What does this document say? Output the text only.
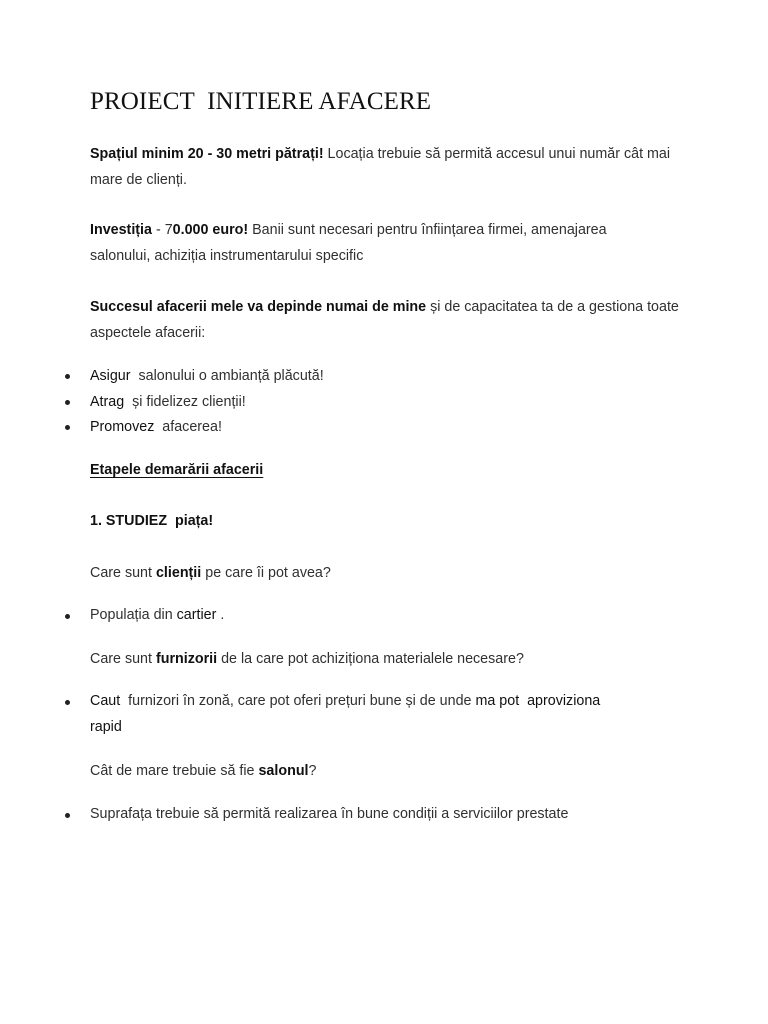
PROIECT  INITIERE AFACERE
Spațiul minim 20 - 30 metri pătrați! Locația trebuie să permită accesul unui număr cât mai mare de clienți.
Investiția - 70.000 euro! Banii sunt necesari pentru înființarea firmei, amenajarea salonului, achiziția instrumentarului specific
Succesul afacerii mele va depinde numai de mine și de capacitatea ta de a gestiona toate aspectele afacerii:
Asigur  salonului o ambianță plăcută!
Atrag  și fidelizez clienții!
Promovez  afacerea!
Etapele demarării afacerii
1. STUDIEZ  piața!
Care sunt clienții pe care îi pot avea?
Populația din cartier .
Care sunt furnizorii de la care pot achiziționa materialele necesare?
Caut  furnizori în zonă, care pot oferi prețuri bune și de unde ma pot  aproviziona
rapid
Cât de mare trebuie să fie salonul?
Suprafața trebuie să permită realizarea în bune condiții a serviciilor prestate
